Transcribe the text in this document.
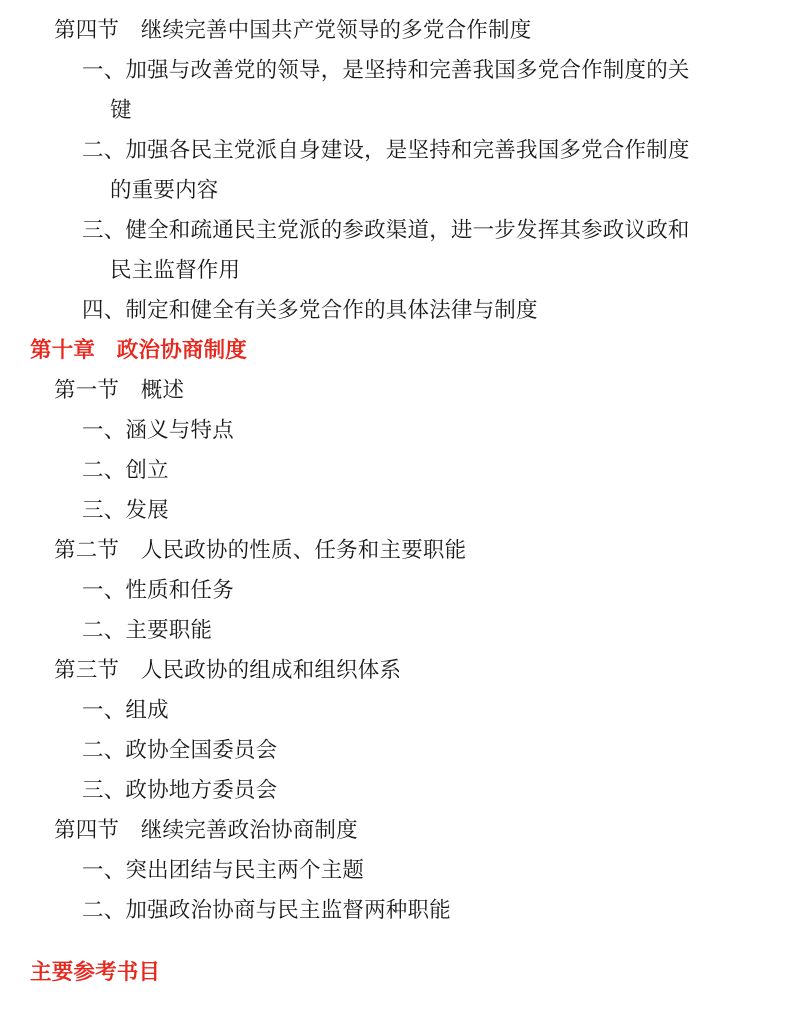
第四节　继续完善中国共产党领导的多党合作制度
一、加强与改善党的领导，是坚持和完善我国多党合作制度的关
键
二、加强各民主党派自身建设，是坚持和完善我国多党合作制度
的重要内容
三、健全和疏通民主党派的参政渠道，进一步发挥其参政议政和
民主监督作用
四、制定和健全有关多党合作的具体法律与制度
第十章　政治协商制度
第一节　概述
一、涵义与特点
二、创立
三、发展
第二节　人民政协的性质、任务和主要职能
一、性质和任务
二、主要职能
第三节　人民政协的组成和组织体系
一、组成
二、政协全国委员会
三、政协地方委员会
第四节　继续完善政治协商制度
一、突出团结与民主两个主题
二、加强政治协商与民主监督两种职能
主要参考书目
